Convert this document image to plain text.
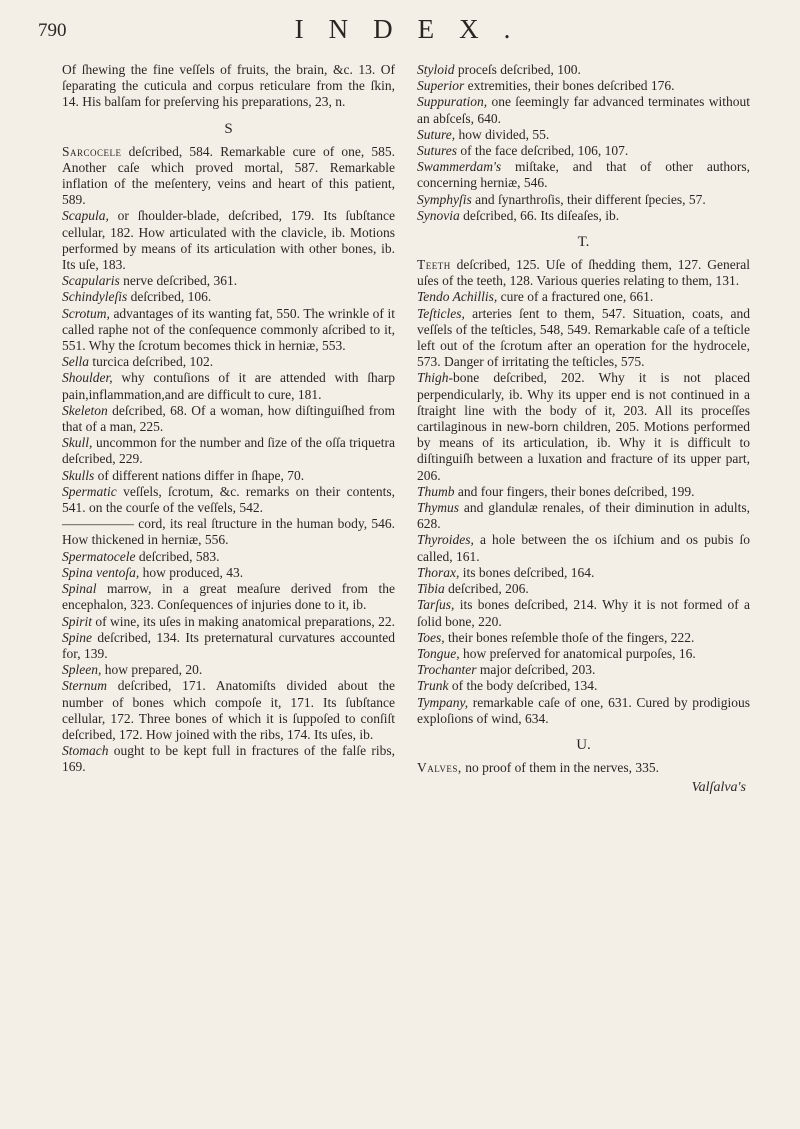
790	INDEX.

Of ſhewing the fine veſſels of fruits, the brain, &c. 13. Of ſeparating the cuticula and corpus reticulare from the ſkin, 14. His balſam for preſerving his preparations, 23, n.

S

Sarcocele deſcribed, 584. Remarkable cure of one, 585. Another caſe which proved mortal, 587. Remarkable inflation of the meſentery, veins and heart of this patient, 589.

Scapula, or ſhoulder-blade, deſcribed, 179. Its ſubſtance cellular, 182. How articulated with the clavicle, ib. Motions performed by means of its articulation with other bones, ib. Its uſe, 183.

Scapularis nerve deſcribed, 361.

Schindyleſis deſcribed, 106.

Scrotum, advantages of its wanting fat, 550. The wrinkle of it called raphe not of the conſequence commonly aſcribed to it, 551. Why the ſcrotum becomes thick in herniæ, 553.

Sella turcica deſcribed, 102.

Shoulder, why contuſions of it are attended with ſharp pain,inflammation,and are difficult to cure, 181.

Skeleton deſcribed, 68. Of a woman, how diſtinguiſhed from that of a man, 225.

Skull, uncommon for the number and ſize of the oſſa triquetra deſcribed, 229.

Skulls of different nations differ in ſhape, 70.

Spermatic veſſels, ſcrotum, &c. remarks on their contents, 541. on the courſe of the veſſels, 542.

—————— cord, its real ſtructure in the human body, 546. How thickened in herniæ, 556.

Spermatocele deſcribed, 583.

Spina ventoſa, how produced, 43.

Spinal marrow, in a great meaſure derived from the encephalon, 323. Conſequences of injuries done to it, ib.

Spirit of wine, its uſes in making anatomical preparations, 22.

Spine deſcribed, 134. Its preternatural curvatures accounted for, 139.

Spleen, how prepared, 20.

Sternum deſcribed, 171. Anatomiſts divided about the number of bones which compoſe it, 171. Its ſubſtance cellular, 172. Three bones of which it is ſuppoſed to conſiſt deſcribed, 172. How joined with the ribs, 174. Its uſes, ib.

Stomach ought to be kept full in fractures of the falſe ribs, 169.

Styloid proceſs deſcribed, 100.

Superior extremities, their bones deſcribed 176.

Suppuration, one ſeemingly far advanced terminates without an abſceſs, 640.

Suture, how divided, 55.

Sutures of the face deſcribed, 106, 107.

Swammerdam's miſtake, and that of other authors, concerning herniæ, 546.

Symphyſis and ſynarthroſis, their different ſpecies, 57.

Synovia deſcribed, 66. Its diſeaſes, ib.

T.

Teeth deſcribed, 125. Uſe of ſhedding them, 127. General uſes of the teeth, 128. Various queries relating to them, 131.

Tendo Achillis, cure of a fractured one, 661.

Teſticles, arteries ſent to them, 547. Situation, coats, and veſſels of the teſticles, 548, 549. Remarkable caſe of a teſticle left out of the ſcrotum after an operation for the hydrocele, 573. Danger of irritating the teſticles, 575.

Thigh-bone deſcribed, 202. Why it is not placed perpendicularly, ib. Why its upper end is not continued in a ſtraight line with the body of it, 203. All its proceſſes cartilaginous in new-born children, 205. Motions performed by means of its articulation, ib. Why it is difficult to diſtinguiſh between a luxation and fracture of its upper part, 206.

Thumb and four fingers, their bones deſcribed, 199.

Thymus and glandulæ renales, of their diminution in adults, 628.

Thyroides, a hole between the os iſchium and os pubis ſo called, 161.

Thorax, its bones deſcribed, 164.

Tibia deſcribed, 206.

Tarſus, its bones deſcribed, 214. Why it is not formed of a ſolid bone, 220.

Toes, their bones reſemble thoſe of the fingers, 222.

Tongue, how preſerved for anatomical purpoſes, 16.

Trochanter major deſcribed, 203.

Trunk of the body deſcribed, 134.

Tympany, remarkable caſe of one, 631. Cured by prodigious exploſions of wind, 634.

U.

Valves, no proof of them in the nerves, 335.

Valſalva's
